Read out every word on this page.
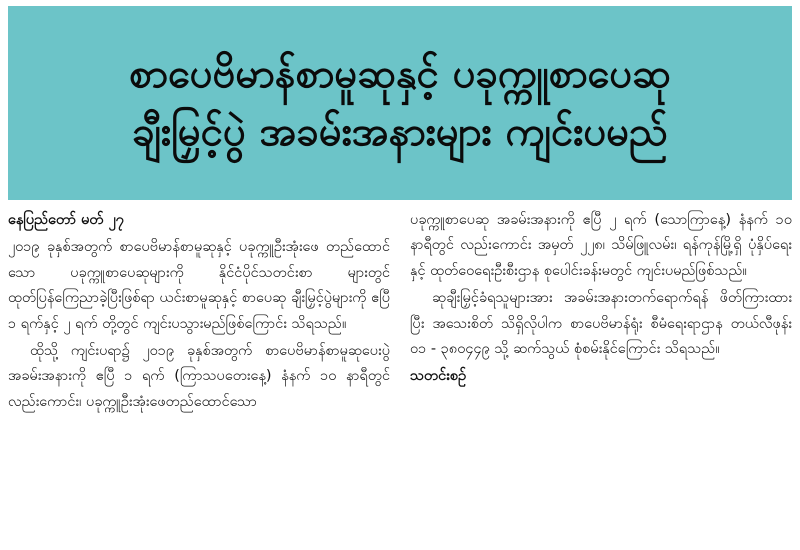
စာပေဗိမာန်စာမူဆုနှင့် ပခုက္ကူစာပေဆု
ချီးမြှင့်ပွဲ အခမ်းအနားများ ကျင်းပမည်

နေပြည်တော် မတ် ၂၇

၂၀၁၉ ခုနှစ်အတွက် စာပေဗိမာန်စာမူဆုနှင့် ပခုက္ကူဦးအုံးဖေ တည်ထောင်သော ပခုက္ကူစာပေဆုများကို နိုင်ငံပိုင်သတင်းစာ များတွင် ထုတ်ပြန်ကြေညာခဲ့ပြီးဖြစ်ရာ ယင်းစာမူဆုနှင့် စာပေဆု ချီးမြှင့်ပွဲများကို ဧပြီ ၁ ရက်နှင့် ၂ ရက် တို့တွင် ကျင်းပသွားမည်ဖြစ်ကြောင်း သိရသည်။

ထိုသို့ ကျင်းပရာ၌ ၂၀၁၉ ခုနှစ်အတွက် စာပေဗိမာန်စာမူဆုပေးပွဲ အခမ်းအနားကို ဧပြီ ၁ ရက် (ကြာသပတေးနေ့) နံနက် ၁၀ နာရီတွင် လည်းကောင်း၊ ပခုက္ကူဦးအုံးဖေတည်ထောင်သော

ပခုက္ကူစာပေဆု အခမ်းအနားကို ဧပြီ ၂ ရက် (သောကြာနေ့) နံနက် ၁၀ နာရီတွင် လည်းကောင်း အမှတ် ၂၂၈၊ သိမ်ဖြူလမ်း၊ ရန်ကုန်မြို့ရှိ ပုံနှိပ်ရေးနှင့် ထုတ်ဝေရေးဦးစီးဌာန စုပေါင်းခန်းမတွင် ကျင်းပမည်ဖြစ်သည်။

ဆုချီးမြှင့်ခံရသူများအား အခမ်းအနားတက်ရောက်ရန် ဖိတ်ကြားထားပြီး အသေးစိတ် သိရှိလိုပါက စာပေဗိမာန်ရုံး စီမံရေးရာဌာန တယ်လီဖုန်း ၀၁ - ၃၈၀၄၄၉ သို့ ဆက်သွယ် စုံစမ်းနိုင်ကြောင်း သိရသည်။

သတင်းစဉ်
